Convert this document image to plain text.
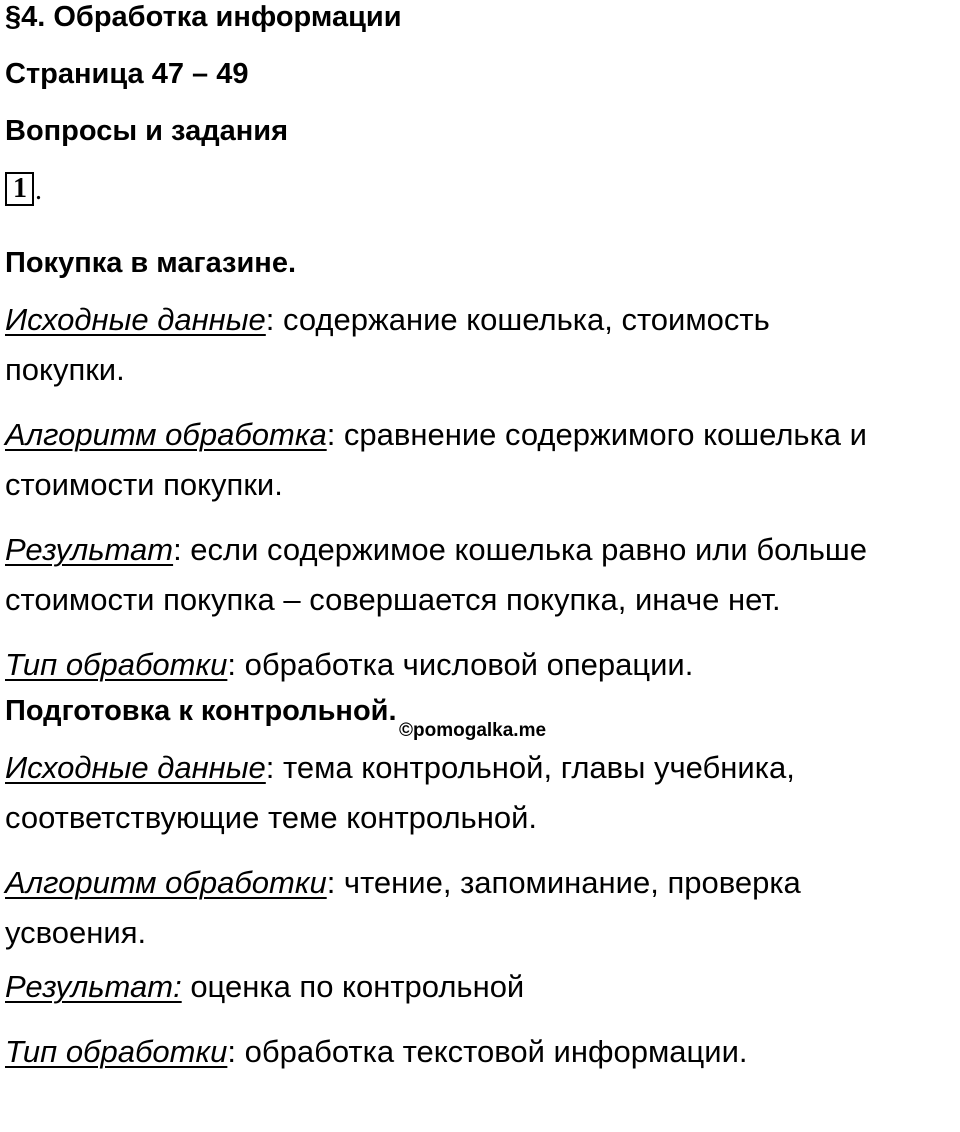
§4. Обработка информации

Страница 47 – 49

Вопросы и задания

1 .

Покупка в магазине.

Исходные данные: содержание кошелька, стоимость покупки.

Алгоритм обработка: сравнение содержимого кошелька и стоимости покупки.

Результат: если содержимое кошелька равно или больше стоимости покупка – совершается покупка, иначе нет.

Тип обработки: обработка числовой операции.

Подготовка к контрольной.

Исходные данные: тема контрольной, главы учебника, соответствующие теме контрольной.

Алгоритм обработки: чтение, запоминание, проверка усвоения.

Результат: оценка по контрольной

Тип обработки: обработка текстовой информации.

©pomogalka.me
